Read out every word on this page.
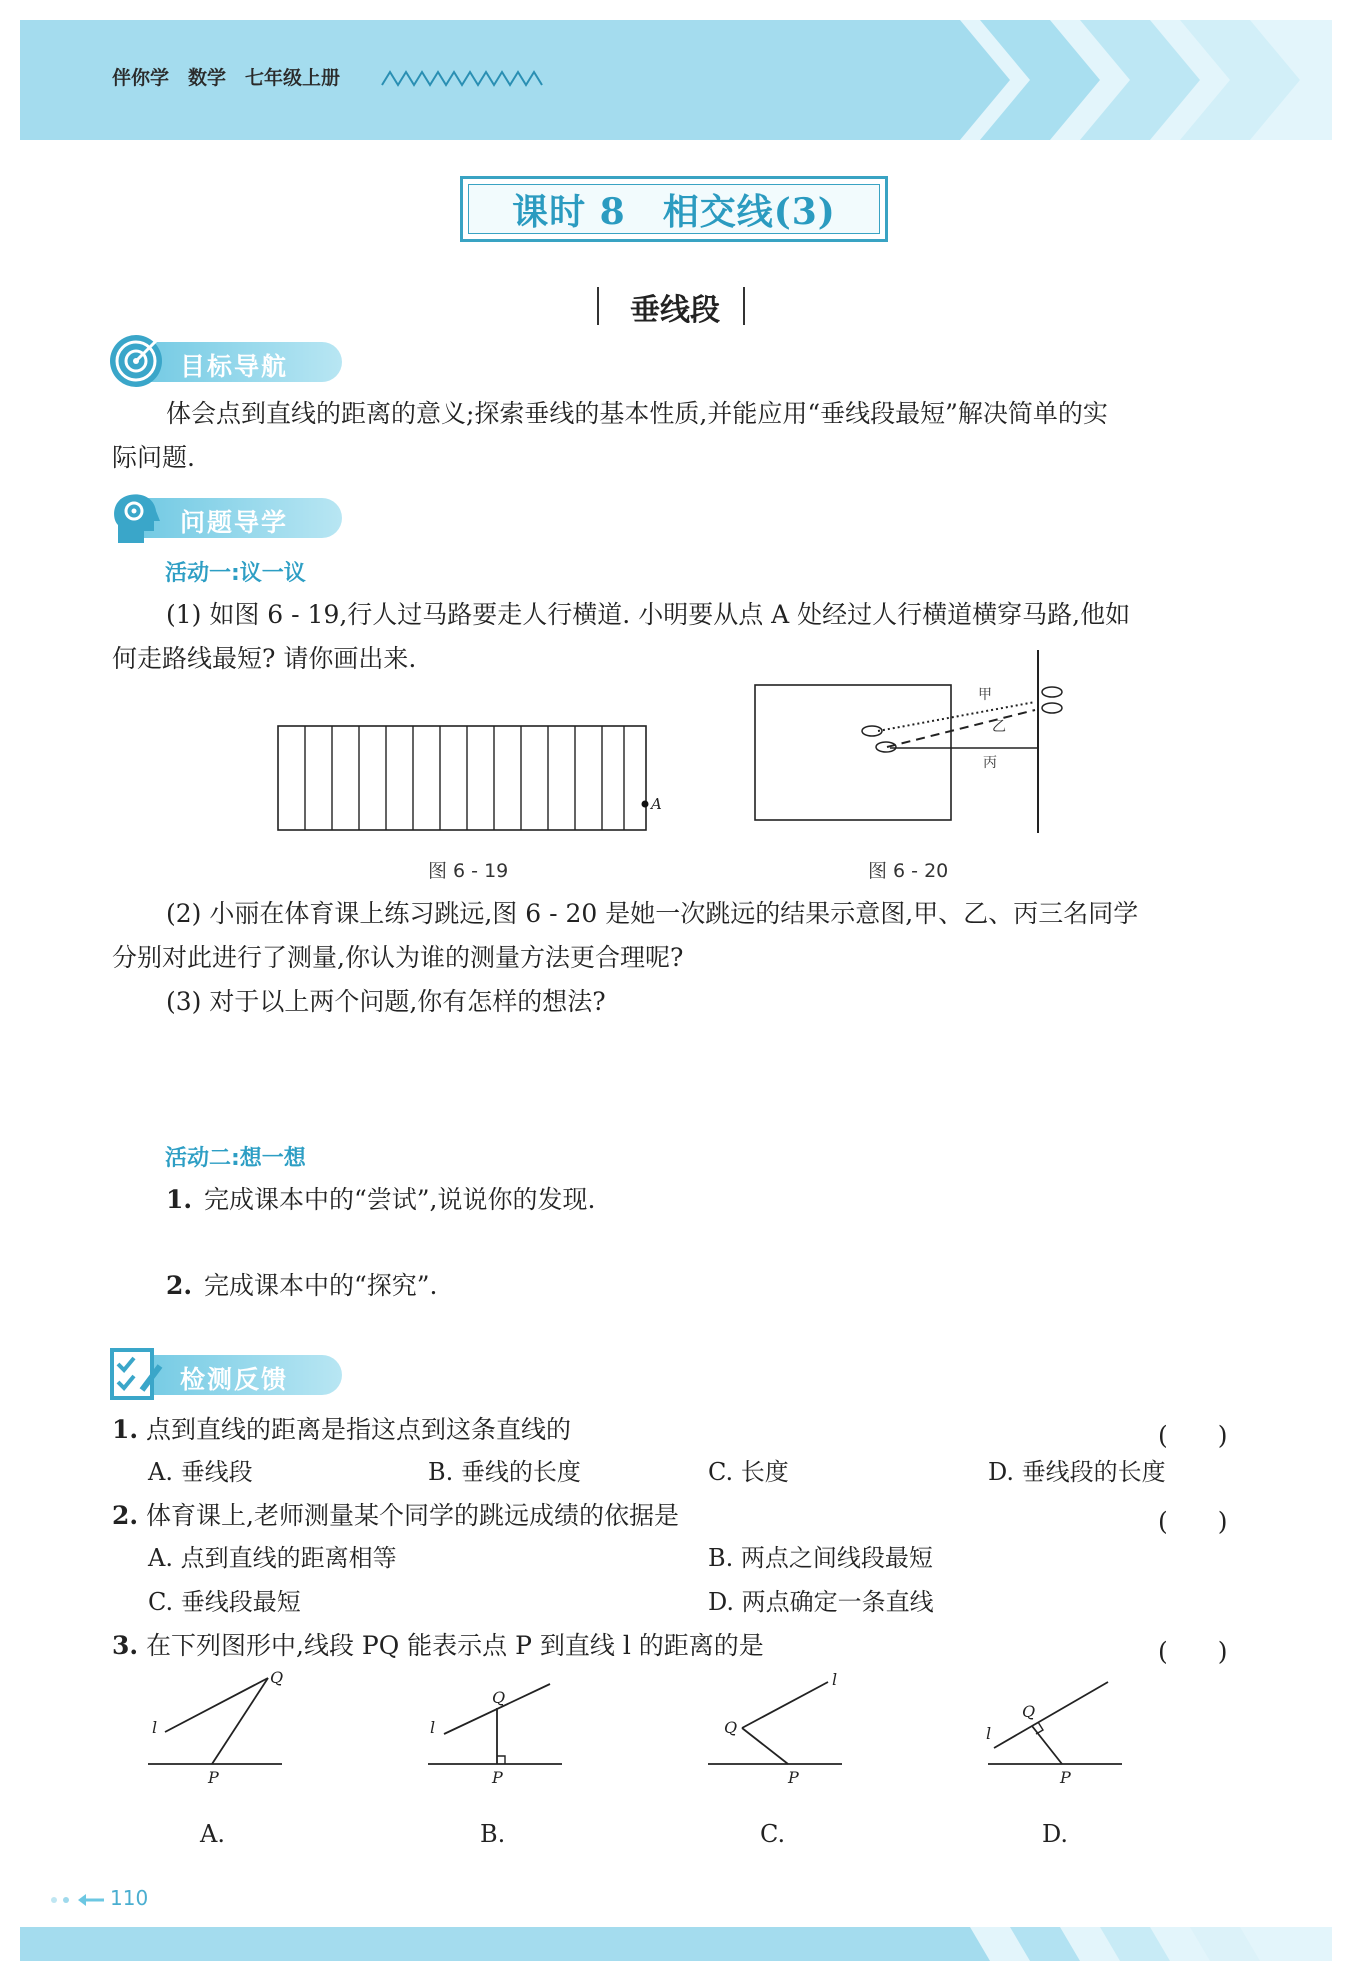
伴你学　数学　七年级上册
课时 8　相交线(3)
垂线段
目标导航
体会点到直线的距离的意义;探索垂线的基本性质,并能应用“垂线段最短”解决简单的实
际问题.
问题导学
活动一:议一议
(1) 如图 6 - 19,行人过马路要走人行横道. 小明要从点 A 处经过人行横道横穿马路,他如
何走路线最短? 请你画出来.
A
图 6 - 19
甲
乙
丙
图 6 - 20
(2) 小丽在体育课上练习跳远,图 6 - 20 是她一次跳远的结果示意图,甲、乙、丙三名同学
分别对此进行了测量,你认为谁的测量方法更合理呢?
(3) 对于以上两个问题,你有怎样的想法?
活动二:想一想
1. 完成课本中的“尝试”,说说你的发现.
2. 完成课本中的“探究”.
检测反馈
1. 点到直线的距离是指这点到这条直线的	(　　)
A. 垂线段	B. 垂线的长度	C. 长度	D. 垂线段的长度
2. 体育课上,老师测量某个同学的跳远成绩的依据是	(　　)
A. 点到直线的距离相等	B. 两点之间线段最短
C. 垂线段最短	D. 两点确定一条直线
3. 在下列图形中,线段 PQ 能表示点 P 到直线 l 的距离的是	(　　)
Q
l
P
Q
l
P
Q
l
P
Q
l
P
A.	B.	C.	D.
110
